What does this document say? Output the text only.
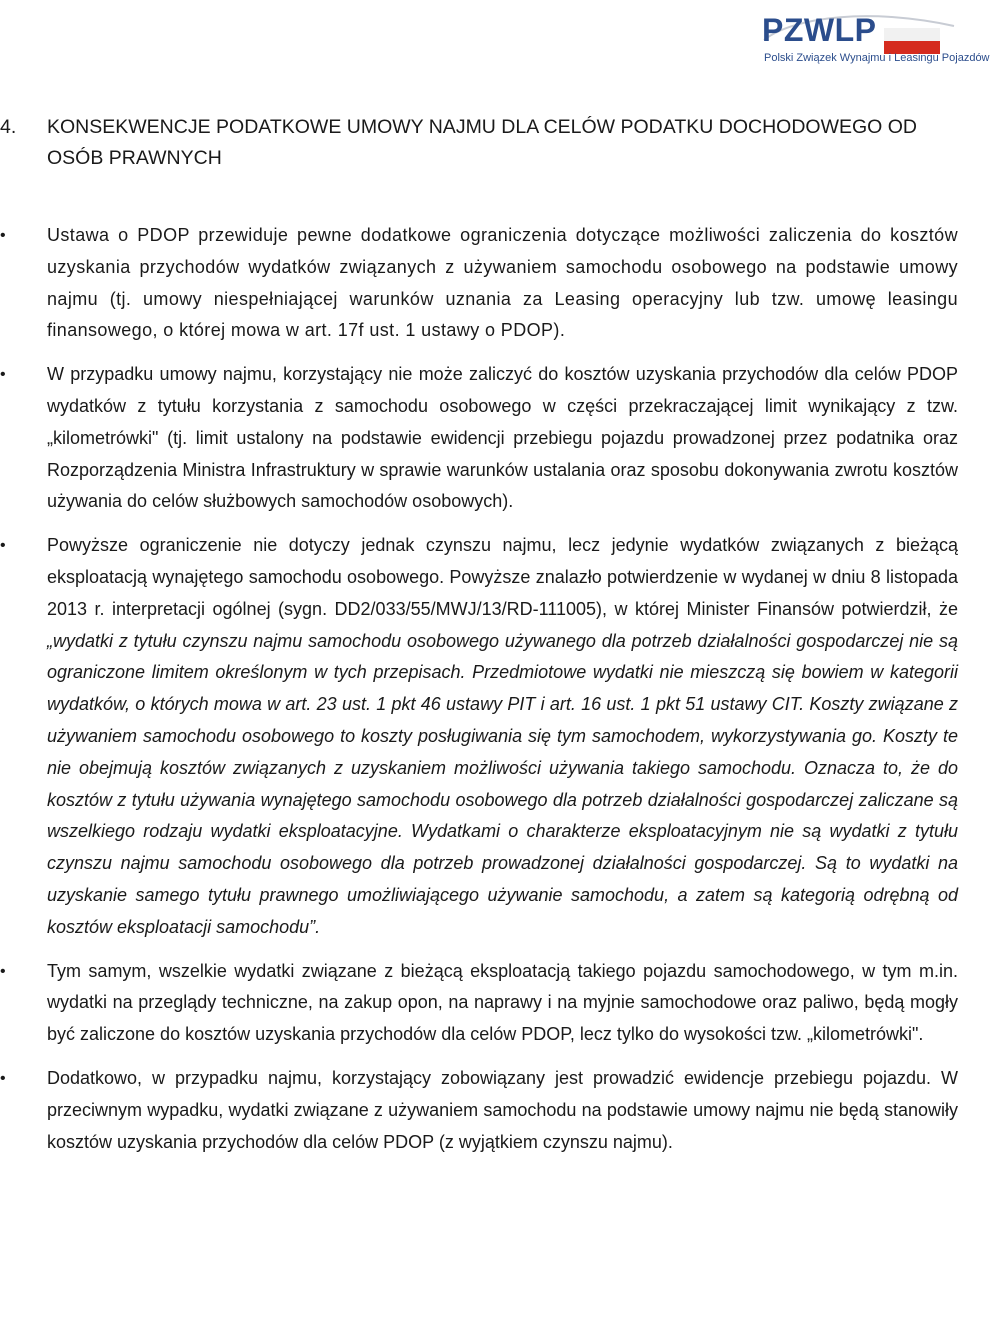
PZWLP
Polski Związek Wynajmu i Leasingu Pojazdów
4. KONSEKWENCJE PODATKOWE UMOWY NAJMU DLA CELÓW PODATKU DOCHODOWEGO OD OSÓB PRAWNYCH
• Ustawa o PDOP przewiduje pewne dodatkowe ograniczenia dotyczące możliwości zaliczenia do kosztów uzyskania przychodów wydatków związanych z używaniem samochodu osobowego na podstawie umowy najmu (tj. umowy niespełniającej warunków uznania za Leasing operacyjny lub tzw. umowę leasingu finansowego, o której mowa w art. 17f ust. 1 ustawy o PDOP).
• W przypadku umowy najmu, korzystający nie może zaliczyć do kosztów uzyskania przychodów dla celów PDOP wydatków z tytułu korzystania z samochodu osobowego w części przekraczającej limit wynikający z tzw. „kilometrówki" (tj. limit ustalony na podstawie ewidencji przebiegu pojazdu prowadzonej przez podatnika oraz Rozporządzenia Ministra Infrastruktury w sprawie warunków ustalania oraz sposobu dokonywania zwrotu kosztów używania do celów służbowych samochodów osobowych).
• Powyższe ograniczenie nie dotyczy jednak czynszu najmu, lecz jedynie wydatków związanych z bieżącą eksploatacją wynajętego samochodu osobowego. Powyższe znalazło potwierdzenie w wydanej w dniu 8 listopada 2013 r. interpretacji ogólnej (sygn. DD2/033/55/MWJ/13/RD-111005), w której Minister Finansów potwierdził, że „wydatki z tytułu czynszu najmu samochodu osobowego używanego dla potrzeb działalności gospodarczej nie są ograniczone limitem określonym w tych przepisach. Przedmiotowe wydatki nie mieszczą się bowiem w kategorii wydatków, o których mowa w art. 23 ust. 1 pkt 46 ustawy PIT i art. 16 ust. 1 pkt 51 ustawy CIT. Koszty związane z używaniem samochodu osobowego to koszty posługiwania się tym samochodem, wykorzystywania go. Koszty te nie obejmują kosztów związanych z uzyskaniem możliwości używania takiego samochodu. Oznacza to, że do kosztów z tytułu używania wynajętego samochodu osobowego dla potrzeb działalności gospodarczej zaliczane są wszelkiego rodzaju wydatki eksploatacyjne. Wydatkami o charakterze eksploatacyjnym nie są wydatki z tytułu czynszu najmu samochodu osobowego dla potrzeb prowadzonej działalności gospodarczej. Są to wydatki na uzyskanie samego tytułu prawnego umożliwiającego używanie samochodu, a zatem są kategorią odrębną od kosztów eksploatacji samochodu”.
• Tym samym, wszelkie wydatki związane z bieżącą eksploatacją takiego pojazdu samochodowego, w tym m.in. wydatki na przeglądy techniczne, na zakup opon, na naprawy i na myjnie samochodowe oraz paliwo, będą mogły być zaliczone do kosztów uzyskania przychodów dla celów PDOP, lecz tylko do wysokości tzw. „kilometrówki".
• Dodatkowo, w przypadku najmu, korzystający zobowiązany jest prowadzić ewidencje przebiegu pojazdu. W przeciwnym wypadku, wydatki związane z używaniem samochodu na podstawie umowy najmu nie będą stanowiły kosztów uzyskania przychodów dla celów PDOP (z wyjątkiem czynszu najmu).
